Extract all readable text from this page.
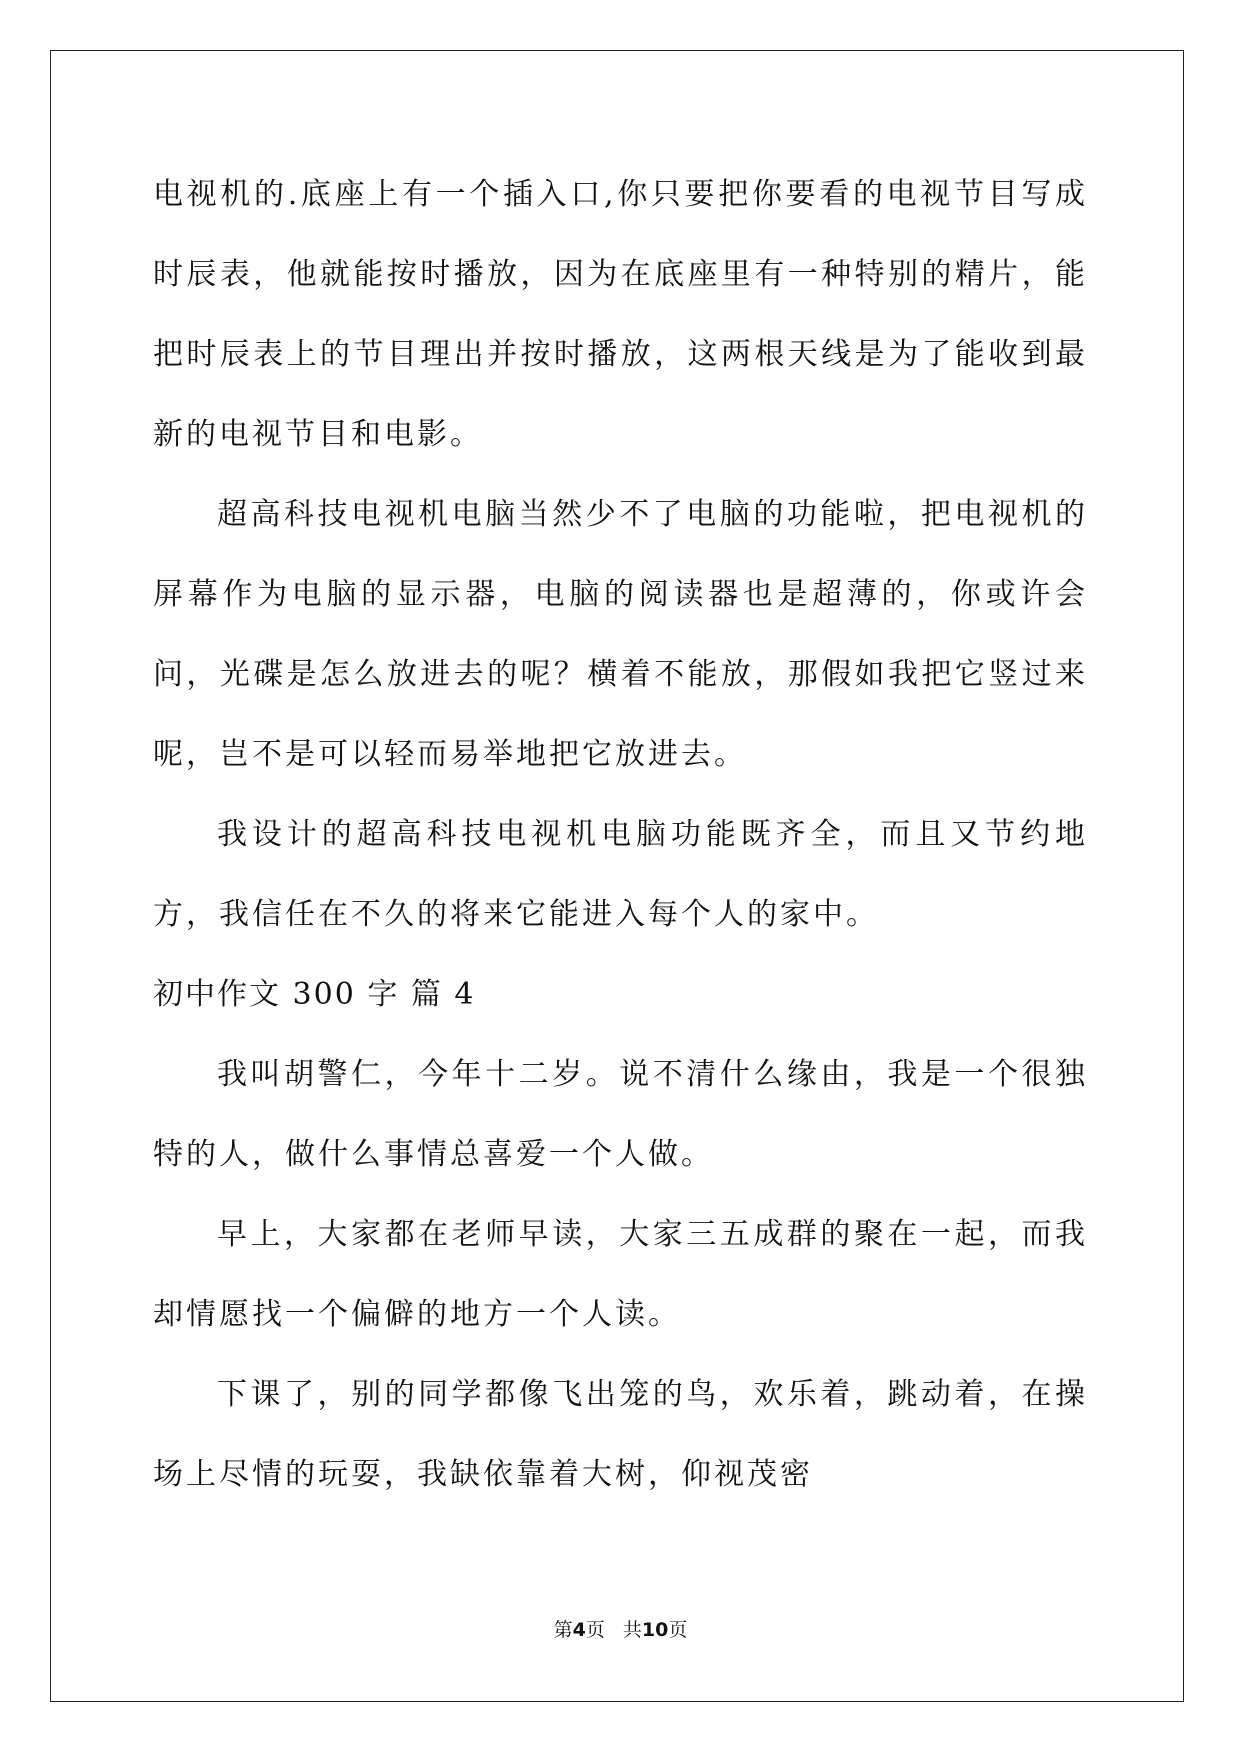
电视机的.底座上有一个插入口,你只要把你要看的电视节目写成时辰表，他就能按时播放，因为在底座里有一种特别的精片，能把时辰表上的节目理出并按时播放，这两根天线是为了能收到最新的电视节目和电影。

超高科技电视机电脑当然少不了电脑的功能啦，把电视机的屏幕作为电脑的显示器，电脑的阅读器也是超薄的，你或许会问，光碟是怎么放进去的呢？横着不能放，那假如我把它竖过来呢，岂不是可以轻而易举地把它放进去。

我设计的超高科技电视机电脑功能既齐全，而且又节约地方，我信任在不久的将来它能进入每个人的家中。

初中作文 300 字 篇 4

我叫胡警仁，今年十二岁。说不清什么缘由，我是一个很独特的人，做什么事情总喜爱一个人做。

早上，大家都在老师早读，大家三五成群的聚在一起，而我却情愿找一个偏僻的地方一个人读。

下课了，别的同学都像飞出笼的鸟，欢乐着，跳动着，在操场上尽情的玩耍，我缺依靠着大树，仰视茂密

第4页 共10页
